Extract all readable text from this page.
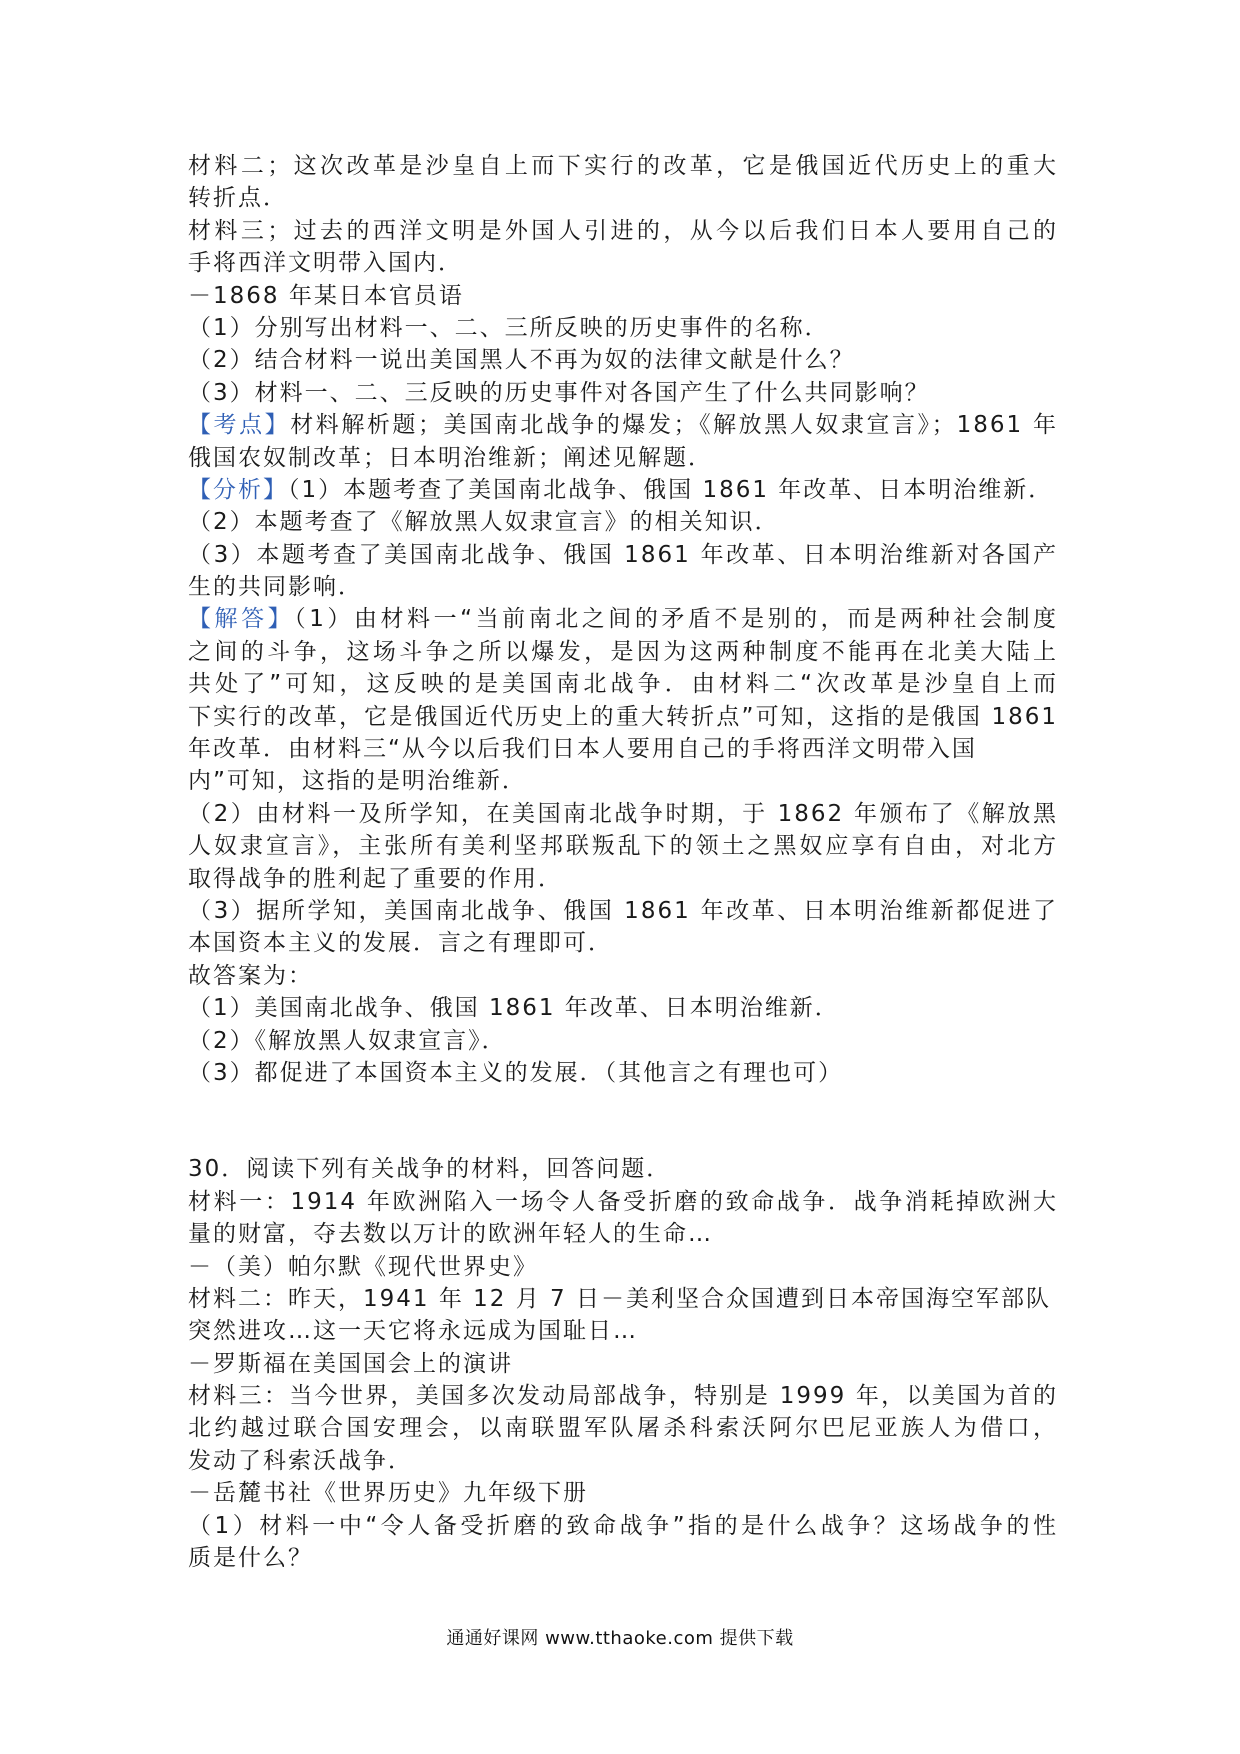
材料二；这次改革是沙皇自上而下实行的改革，它是俄国近代历史上的重大
转折点．
材料三；过去的西洋文明是外国人引进的，从今以后我们日本人要用自己的
手将西洋文明带入国内．
－1868 年某日本官员语
（1）分别写出材料一、二、三所反映的历史事件的名称．
（2）结合材料一说出美国黑人不再为奴的法律文献是什么？
（3）材料一、二、三反映的历史事件对各国产生了什么共同影响？
【考点】材料解析题；美国南北战争的爆发；《解放黑人奴隶宣言》；1861 年
俄国农奴制改革；日本明治维新；阐述见解题．
【分析】（1）本题考查了美国南北战争、俄国 1861 年改革、日本明治维新．
（2）本题考查了《解放黑人奴隶宣言》的相关知识．
（3）本题考查了美国南北战争、俄国 1861 年改革、日本明治维新对各国产
生的共同影响．
【解答】（1）由材料一“当前南北之间的矛盾不是别的，而是两种社会制度
之间的斗争，这场斗争之所以爆发，是因为这两种制度不能再在北美大陆上
共处了”可知，这反映的是美国南北战争．由材料二“次改革是沙皇自上而
下实行的改革，它是俄国近代历史上的重大转折点”可知，这指的是俄国 1861
年改革．由材料三“从今以后我们日本人要用自己的手将西洋文明带入国
内”可知，这指的是明治维新．
（2）由材料一及所学知，在美国南北战争时期，于 1862 年颁布了《解放黑
人奴隶宣言》，主张所有美利坚邦联叛乱下的领土之黑奴应享有自由，对北方
取得战争的胜利起了重要的作用．
（3）据所学知，美国南北战争、俄国 1861 年改革、日本明治维新都促进了
本国资本主义的发展．言之有理即可．
故答案为：
（1）美国南北战争、俄国 1861 年改革、日本明治维新．
（2）《解放黑人奴隶宣言》．
（3）都促进了本国资本主义的发展．（其他言之有理也可）
30．阅读下列有关战争的材料，回答问题．
材料一：1914 年欧洲陷入一场令人备受折磨的致命战争．战争消耗掉欧洲大
量的财富，夺去数以万计的欧洲年轻人的生命…
－（美）帕尔默《现代世界史》
材料二：昨天，1941 年 12 月 7 日－美利坚合众国遭到日本帝国海空军部队
突然进攻…这一天它将永远成为国耻日…
－罗斯福在美国国会上的演讲
材料三：当今世界，美国多次发动局部战争，特别是 1999 年，以美国为首的
北约越过联合国安理会，以南联盟军队屠杀科索沃阿尔巴尼亚族人为借口，
发动了科索沃战争．
－岳麓书社《世界历史》九年级下册
（1）材料一中“令人备受折磨的致命战争”指的是什么战争？这场战争的性
质是什么？
通通好课网 www.tthaoke.com 提供下载
